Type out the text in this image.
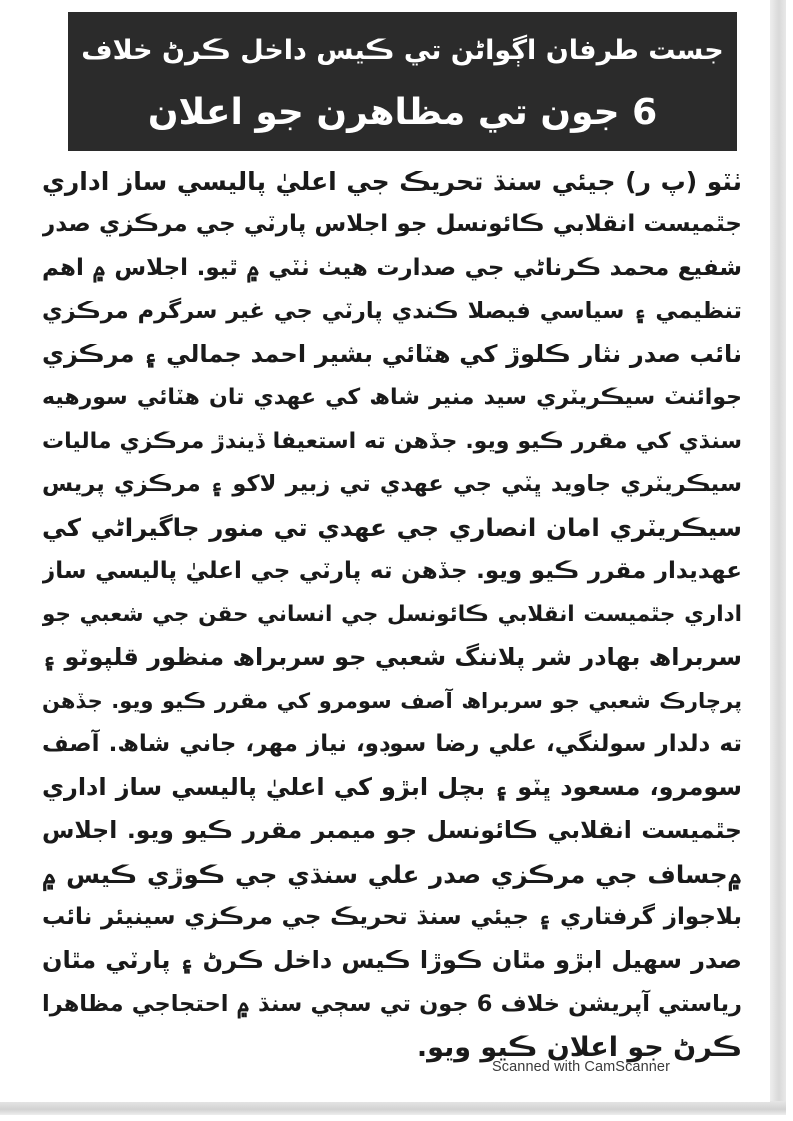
جست طرفان اڳواڻن تي ڪيس داخل ڪرڻ خلاف
6 جون تي مظاهرن جو اعلان
ٺٽو (پ ر) جيئي سنڌ تحريڪ جي اعليٰ پاليسي ساز اداري
جٿميست انقلابي ڪائونسل جو اجلاس پارٽي جي مرڪزي صدر
شفيع محمد ڪرناڻي جي صدارت هيٺ ٺٽي ۾ ٿيو. اجلاس ۾ اهم
تنظيمي ۽ سياسي فيصلا ڪندي پارٽي جي غير سرگرم مرڪزي
نائب صدر نثار ڪلوڙ کي هٽائي بشير احمد جمالي ۽ مرڪزي
جوائنٽ سيڪريٽري سيد منير شاھ کي عهدي تان هٽائي سورهيه
سنڌي کي مقرر ڪيو ويو. جڏهن ته استعيفا ڏيندڙ مرڪزي ماليات
سيڪريٽري جاويد ڀٽي جي عهدي تي زبير لاکو ۽ مرڪزي پريس
سيڪريٽري امان انصاري جي عهدي تي منور جاگيراڻي کي
عهديدار مقرر ڪيو ويو. جڏهن ته پارٽي جي اعليٰ پاليسي ساز
اداري جٿميست انقلابي ڪائونسل جي انساني حقن جي شعبي جو
سربراھ بهادر شر پلاننگ شعبي جو سربراھ منظور قلپوٽو ۽
پرچارڪ شعبي جو سربراھ آصف سومرو کي مقرر ڪيو ويو. جڏهن
ته دلدار سولنگي، علي رضا سوڊو، نياز مهر، جاني شاھ. آصف
سومرو، مسعود ڀٽو ۽ بچل ابڙو کي اعليٰ پاليسي ساز اداري
جٿميست انقلابي ڪائونسل جو ميمبر مقرر ڪيو ويو. اجلاس
۾جساف جي مرڪزي صدر علي سنڌي جي ڪوڙي ڪيس ۾
بلاجواز گرفتاري ۽ جيئي سنڌ تحريڪ جي مرڪزي سينيئر نائب
صدر سهيل ابڙو مٿان ڪوڙا ڪيس داخل ڪرڻ ۽ پارٽي مٿان
رياستي آپريشن خلاف 6 جون تي سڄي سنڌ ۾ احتجاجي مظاهرا
ڪرڻ جو اعلان ڪيو ويو.
Scanned with CamScanner
